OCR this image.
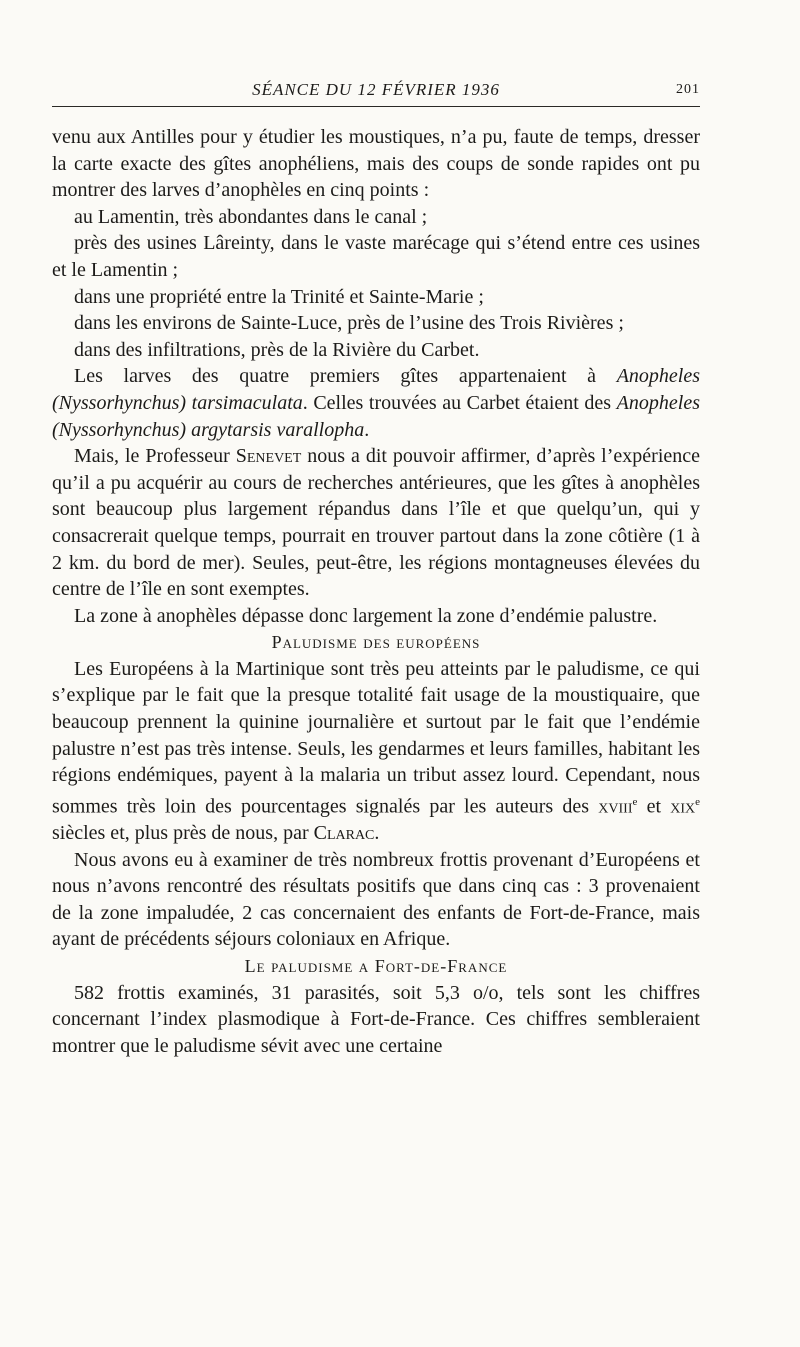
SÉANCE DU 12 FÉVRIER 1936	201

venu aux Antilles pour y étudier les moustiques, n’a pu, faute de temps, dresser la carte exacte des gîtes anophéliens, mais des coups de sonde rapides ont pu montrer des larves d’anophèles en cinq points :

au Lamentin, très abondantes dans le canal ;

près des usines Lâreinty, dans le vaste marécage qui s’étend entre ces usines et le Lamentin ;

dans une propriété entre la Trinité et Sainte-Marie ;

dans les environs de Sainte-Luce, près de l’usine des Trois Rivières ;

dans des infiltrations, près de la Rivière du Carbet.

Les larves des quatre premiers gîtes appartenaient à Anopheles (Nyssorhynchus) tarsimaculata. Celles trouvées au Carbet étaient des Anopheles (Nyssorhynchus) argytarsis varallopha.

Mais, le Professeur Senevet nous a dit pouvoir affirmer, d’après l’expérience qu’il a pu acquérir au cours de recherches antérieures, que les gîtes à anophèles sont beaucoup plus largement répandus dans l’île et que quelqu’un, qui y consacrerait quelque temps, pourrait en trouver partout dans la zone côtière (1 à 2 km. du bord de mer). Seules, peut-être, les régions montagneuses élevées du centre de l’île en sont exemptes.

La zone à anophèles dépasse donc largement la zone d’endémie palustre.

Paludisme des européens

Les Européens à la Martinique sont très peu atteints par le paludisme, ce qui s’explique par le fait que la presque totalité fait usage de la moustiquaire, que beaucoup prennent la quinine journalière et surtout par le fait que l’endémie palustre n’est pas très intense. Seuls, les gendarmes et leurs familles, habitant les régions endémiques, payent à la malaria un tribut assez lourd. Cependant, nous sommes très loin des pourcentages signalés par les auteurs des xviii$^e$ et xix$^e$ siècles et, plus près de nous, par Clarac.

Nous avons eu à examiner de très nombreux frottis provenant d’Européens et nous n’avons rencontré des résultats positifs que dans cinq cas : 3 provenaient de la zone impaludée, 2 cas concernaient des enfants de Fort-de-France, mais ayant de précédents séjours coloniaux en Afrique.

Le paludisme a Fort-de-France

582 frottis examinés, 31 parasités, soit 5,3 o/o, tels sont les chiffres concernant l’index plasmodique à Fort-de-France. Ces chiffres sembleraient montrer que le paludisme sévit avec une certaine
